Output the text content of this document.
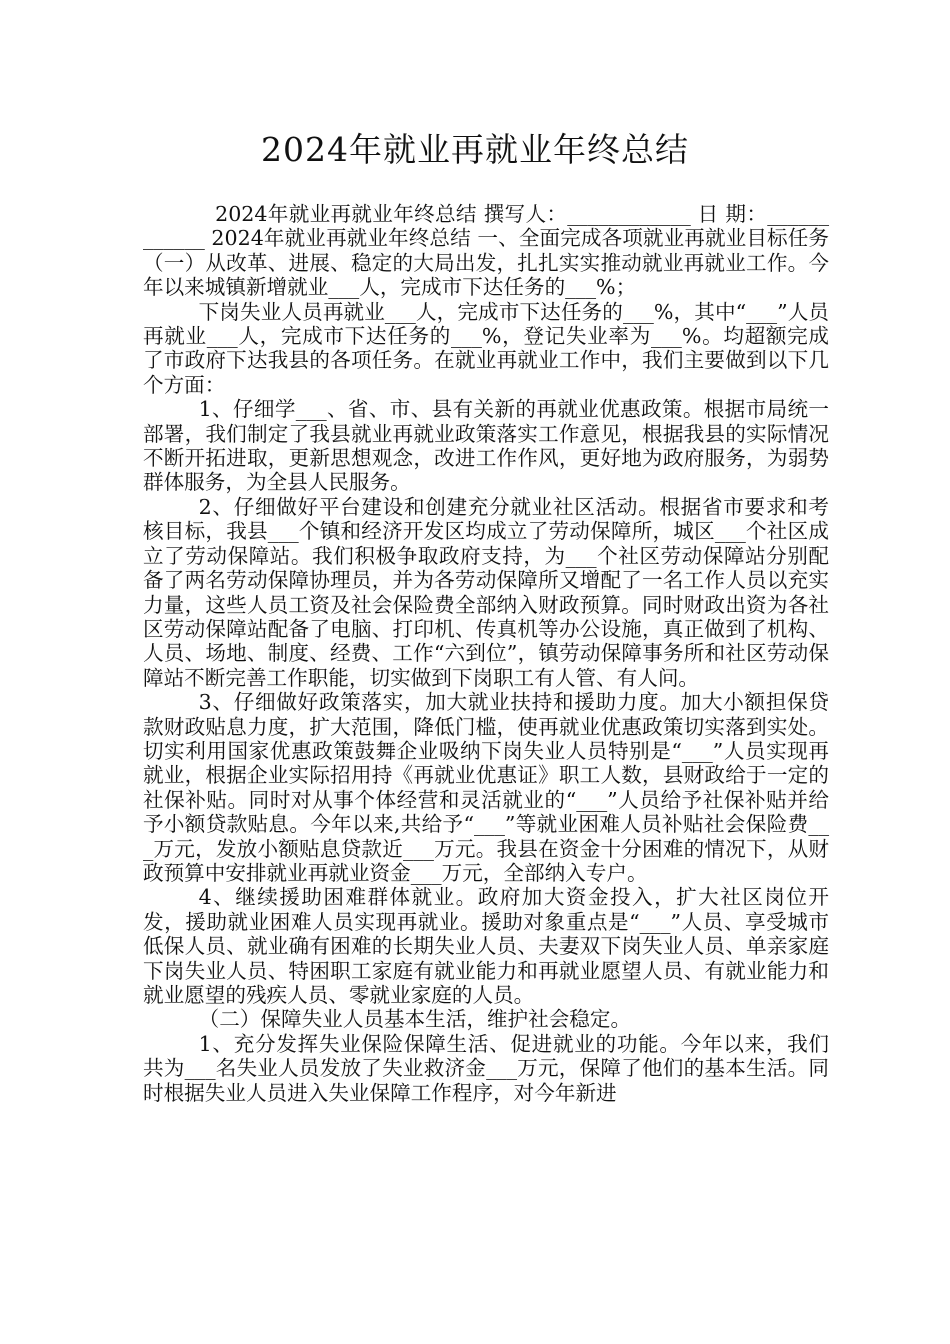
2024年就业再就业年终总结

2024年就业再就业年终总结 撰写人：____________ 日 期：____________ 2024年就业再就业年终总结 一、全面完成各项就业再就业目标任务（一）从改革、进展、稳定的大局出发，扎扎实实推动就业再就业工作。今年以来城镇新增就业___人，完成市下达任务的___%；

下岗失业人员再就业___人，完成市下达任务的___%，其中“___”人员再就业___人，完成市下达任务的___%，登记失业率为___%。均超额完成了市政府下达我县的各项任务。在就业再就业工作中，我们主要做到以下几个方面：

1、仔细学___、省、市、县有关新的再就业优惠政策。根据市局统一部署，我们制定了我县就业再就业政策落实工作意见，根据我县的实际情况不断开拓进取，更新思想观念，改进工作作风，更好地为政府服务，为弱势群体服务，为全县人民服务。

2、仔细做好平台建设和创建充分就业社区活动。根据省市要求和考核目标，我县___个镇和经济开发区均成立了劳动保障所，城区___个社区成立了劳动保障站。我们积极争取政府支持，为___个社区劳动保障站分别配备了两名劳动保障协理员，并为各劳动保障所又增配了一名工作人员以充实力量，这些人员工资及社会保险费全部纳入财政预算。同时财政出资为各社区劳动保障站配备了电脑、打印机、传真机等办公设施，真正做到了机构、人员、场地、制度、经费、工作“六到位”，镇劳动保障事务所和社区劳动保障站不断完善工作职能，切实做到下岗职工有人管、有人问。

3、仔细做好政策落实，加大就业扶持和援助力度。加大小额担保贷款财政贴息力度，扩大范围，降低门槛，使再就业优惠政策切实落到实处。切实利用国家优惠政策鼓舞企业吸纳下岗失业人员特别是“___”人员实现再就业，根据企业实际招用持《再就业优惠证》职工人数，县财政给于一定的社保补贴。同时对从事个体经营和灵活就业的“___”人员给予社保补贴并给予小额贷款贴息。今年以来,共给予“___”等就业困难人员补贴社会保险费___万元，发放小额贴息贷款近___万元。我县在资金十分困难的情况下，从财政预算中安排就业再就业资金___万元，全部纳入专户。

4、继续援助困难群体就业。政府加大资金投入，扩大社区岗位开发，援助就业困难人员实现再就业。援助对象重点是“___”人员、享受城市低保人员、就业确有困难的长期失业人员、夫妻双下岗失业人员、单亲家庭下岗失业人员、特困职工家庭有就业能力和再就业愿望人员、有就业能力和就业愿望的残疾人员、零就业家庭的人员。

（二）保障失业人员基本生活，维护社会稳定。

1、充分发挥失业保险保障生活、促进就业的功能。今年以来，我们共为___名失业人员发放了失业救济金___万元，保障了他们的基本生活。同时根据失业人员进入失业保障工作程序，对今年新进
